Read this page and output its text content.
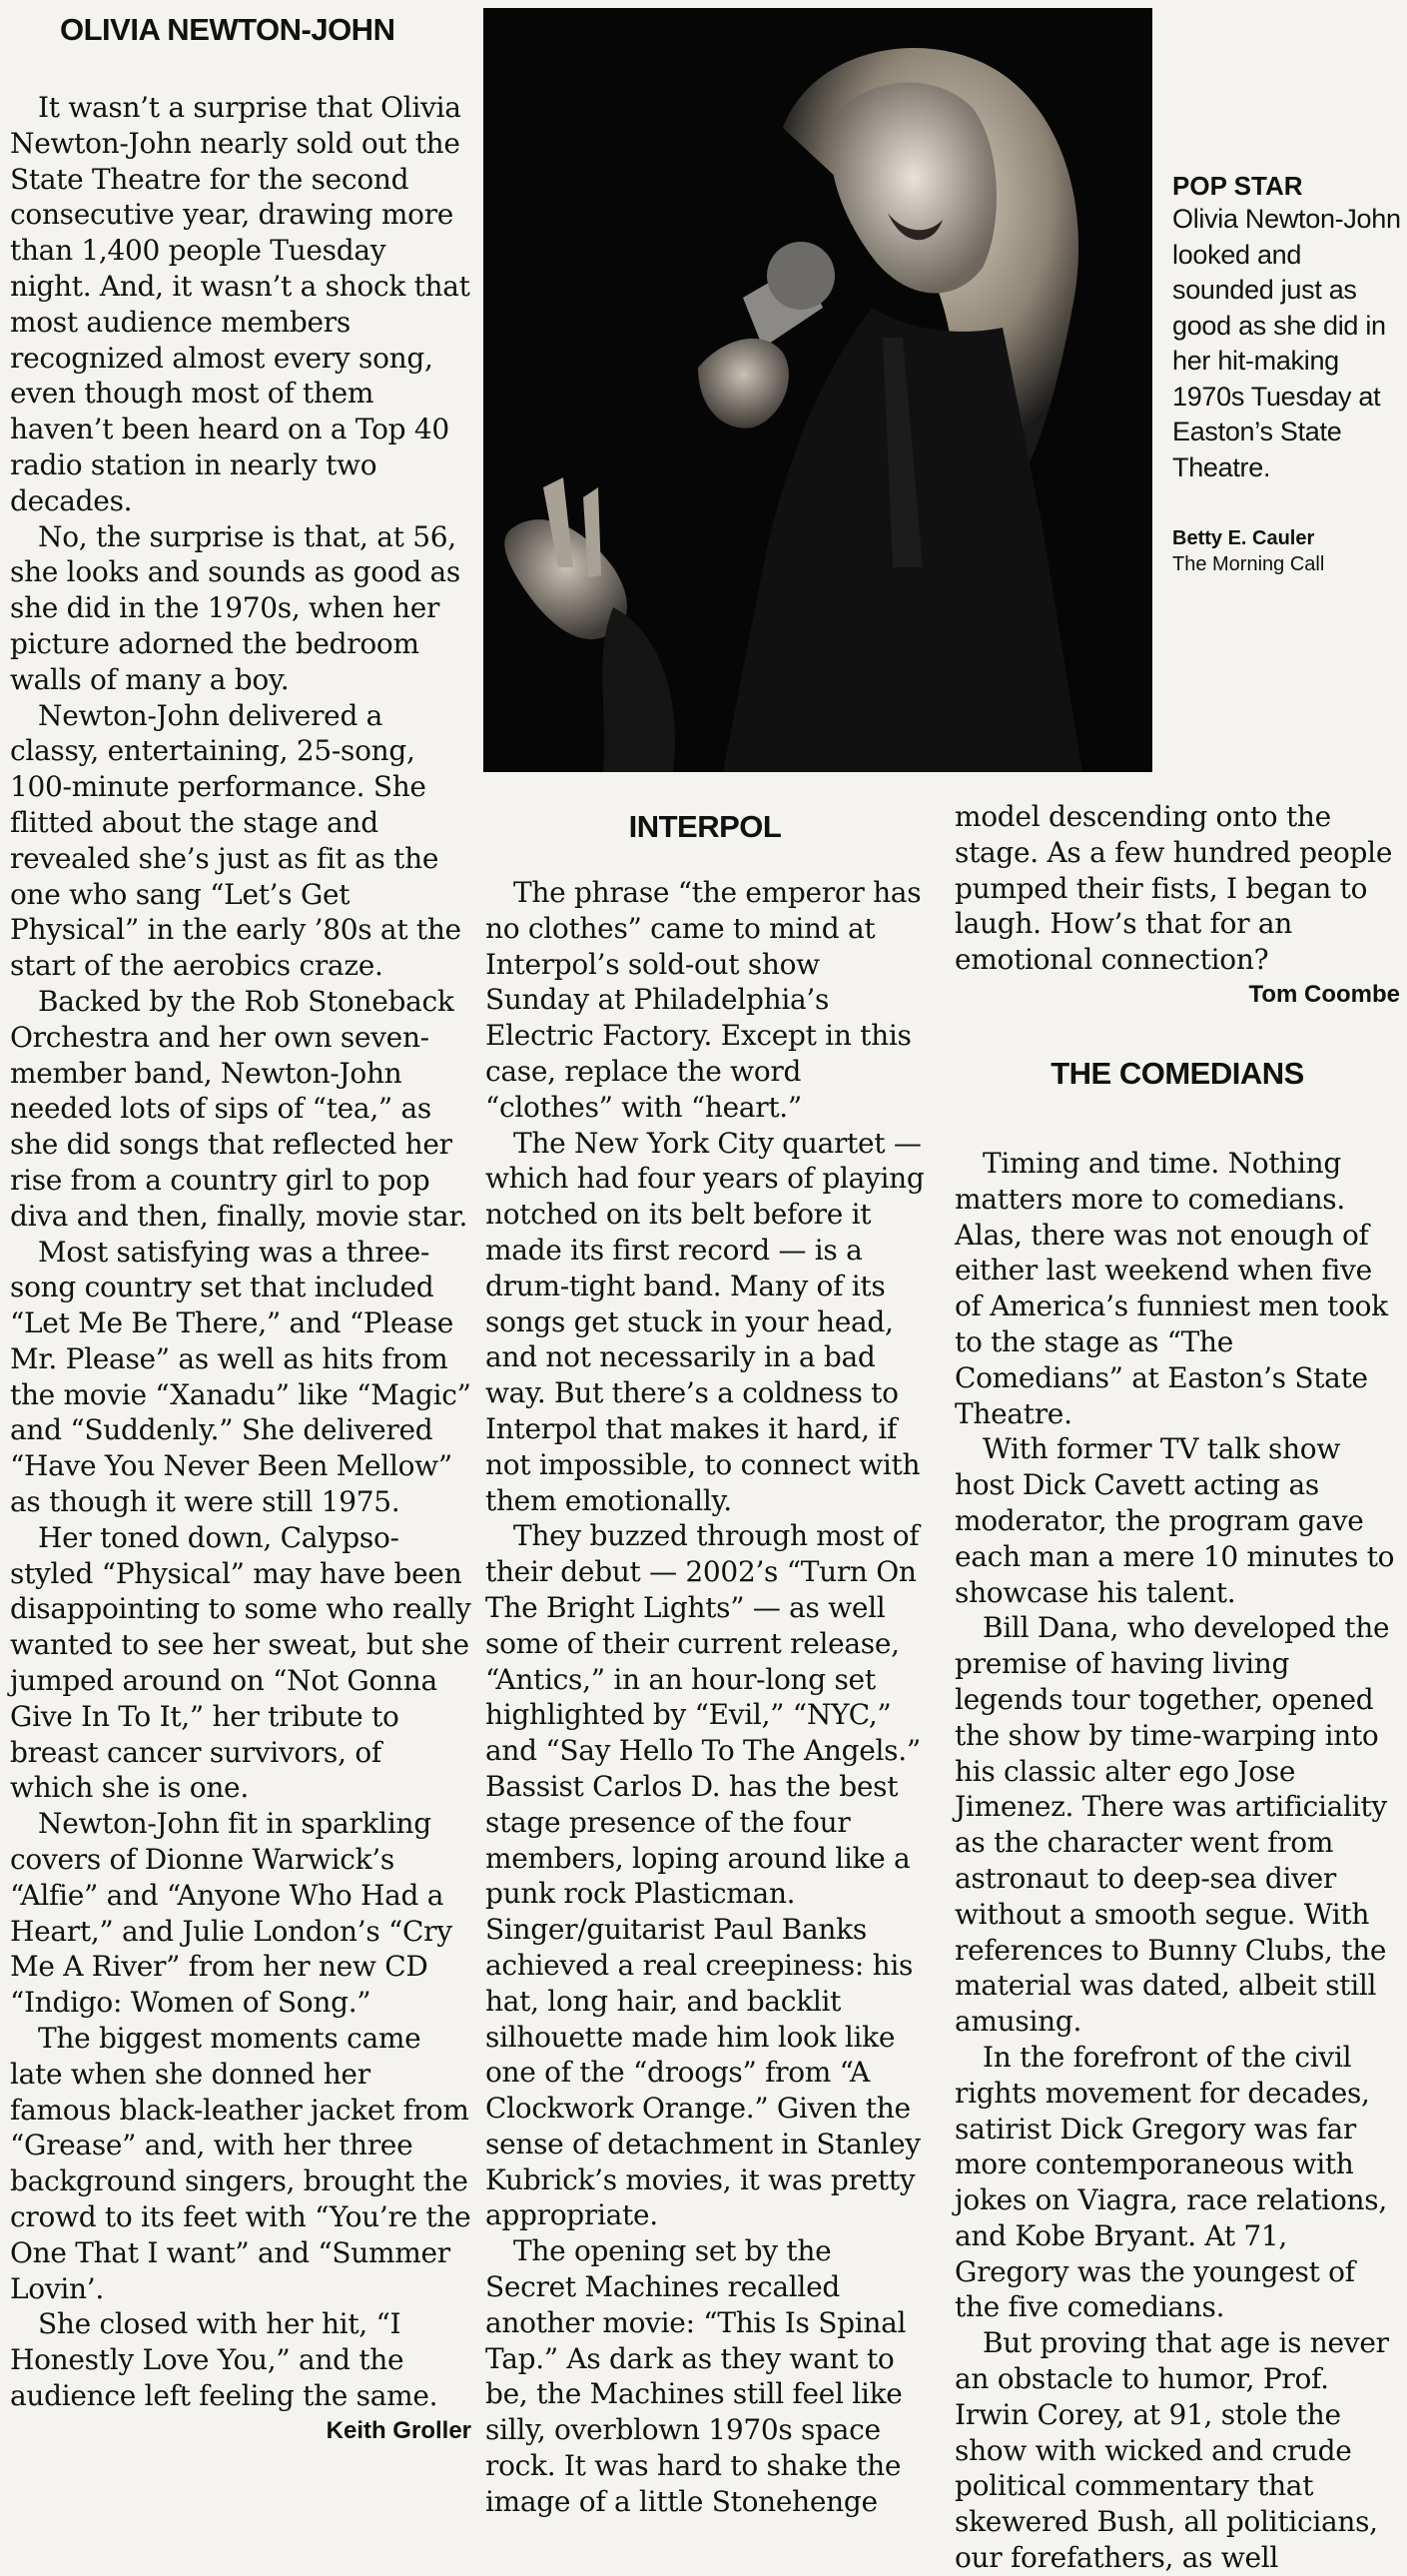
OLIVIA NEWTON-JOHN

It wasn’t a surprise that Olivia Newton-John nearly sold out the State Theatre for the second consecutive year, drawing more than 1,400 people Tuesday night. And, it wasn’t a shock that most audience members recognized almost every song, even though most of them haven’t been heard on a Top 40 radio station in nearly two decades.

No, the surprise is that, at 56, she looks and sounds as good as she did in the 1970s, when her picture adorned the bedroom walls of many a boy.

Newton-John delivered a classy, entertaining, 25-song, 100-minute performance. She flitted about the stage and revealed she’s just as fit as the one who sang “Let’s Get Physical” in the early ’80s at the start of the aerobics craze.

Backed by the Rob Stoneback Orchestra and her own seven-member band, Newton-John needed lots of sips of “tea,” as she did songs that reflected her rise from a country girl to pop diva and then, finally, movie star.

Most satisfying was a three-song country set that included “Let Me Be There,” and “Please Mr. Please” as well as hits from the movie “Xanadu” like “Magic” and “Suddenly.” She delivered “Have You Never Been Mellow” as though it were still 1975.

Her toned down, Calypso-styled “Physical” may have been disappointing to some who really wanted to see her sweat, but she jumped around on “Not Gonna Give In To It,” her tribute to breast cancer survivors, of which she is one.

Newton-John fit in sparkling covers of Dionne Warwick’s “Alfie” and “Anyone Who Had a Heart,” and Julie London’s “Cry Me A River” from her new CD “Indigo: Women of Song.”

The biggest moments came late when she donned her famous black-leather jacket from “Grease” and, with her three background singers, brought the crowd to its feet with “You’re the One That I want” and “Summer Lovin’.

She closed with her hit, “I Honestly Love You,” and the audience left feeling the same.

Keith Groller
POP STAR
Olivia Newton-John looked and sounded just as good as she did in her hit-making 1970s Tuesday at Easton’s State Theatre.
Betty E. Cauler
The Morning Call
INTERPOL

The phrase “the emperor has no clothes” came to mind at Interpol’s sold-out show Sunday at Philadelphia’s Electric Factory. Except in this case, replace the word “clothes” with “heart.”

The New York City quartet — which had four years of playing notched on its belt before it made its first record — is a drum-tight band. Many of its songs get stuck in your head, and not necessarily in a bad way. But there’s a coldness to Interpol that makes it hard, if not impossible, to connect with them emotionally.

They buzzed through most of their debut — 2002’s “Turn On The Bright Lights” — as well some of their current release, “Antics,” in an hour-long set highlighted by “Evil,” “NYC,” and “Say Hello To The Angels.” Bassist Carlos D. has the best stage presence of the four members, loping around like a punk rock Plasticman. Singer/guitarist Paul Banks achieved a real creepiness: his hat, long hair, and backlit silhouette made him look like one of the “droogs” from “A Clockwork Orange.” Given the sense of detachment in Stanley Kubrick’s movies, it was pretty appropriate.

The opening set by the Secret Machines recalled another movie: “This Is Spinal Tap.” As dark as they want to be, the Machines still feel like silly, overblown 1970s space rock. It was hard to shake the image of a little Stonehenge

model descending onto the stage. As a few hundred people pumped their fists, I began to laugh. How’s that for an emotional connection?

Tom Coombe
THE COMEDIANS

Timing and time. Nothing matters more to comedians. Alas, there was not enough of either last weekend when five of America’s funniest men took to the stage as “The Comedians” at Easton’s State Theatre.

With former TV talk show host Dick Cavett acting as moderator, the program gave each man a mere 10 minutes to showcase his talent.

Bill Dana, who developed the premise of having living legends tour together, opened the show by time-warping into his classic alter ego Jose Jimenez. There was artificiality as the character went from astronaut to deep-sea diver without a smooth segue. With references to Bunny Clubs, the material was dated, albeit still amusing.

In the forefront of the civil rights movement for decades, satirist Dick Gregory was far more contemporaneous with jokes on Viagra, race relations, and Kobe Bryant. At 71, Gregory was the youngest of the five comedians.

But proving that age is never an obstacle to humor, Prof. Irwin Corey, at 91, stole the show with wicked and crude political commentary that skewered Bush, all politicians, our forefathers, as well
